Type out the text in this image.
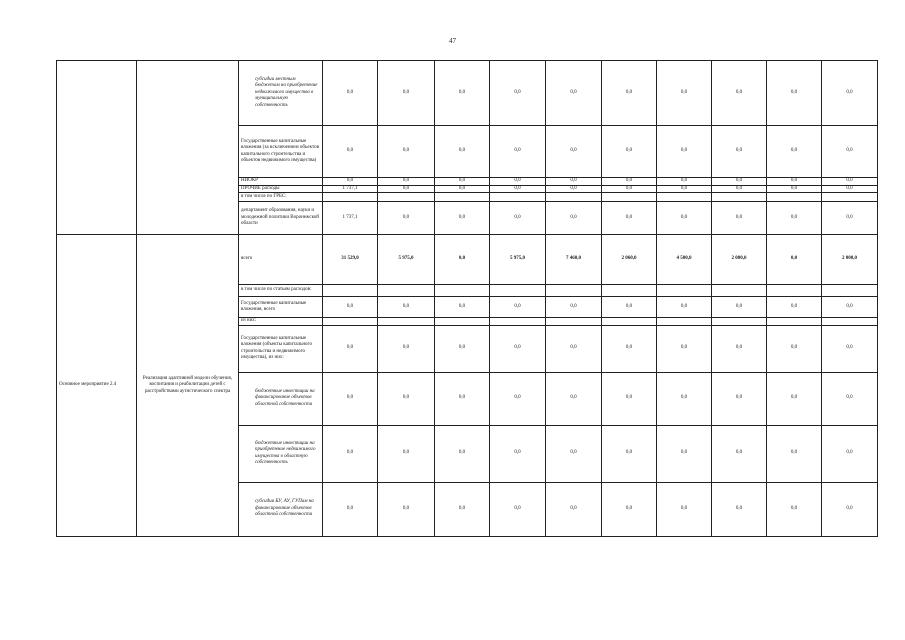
47
		субсидии местным бюджетам на приобретение недвижимого имущества в муниципальную собственность	0,0	0,0	0,0	0,0	0,0	0,0	0,0	0,0	0,0	0,0
		Государственные капитальные вложения (за исключением объектов капитального строительства и объектов недвижимого имущества)	0,0	0,0	0,0	0,0	0,0	0,0	0,0	0,0	0,0	0,0
		НИОКР	0,0	0,0	0,0	0,0	0,0	0,0	0,0	0,0	0,0	0,0
		ПРОЧИЕ расходы	1 737,1	0,0	0,0	0,0	0,0	0,0	0,0	0,0	0,0	0,0
		в том числе по ГРБС:										
		департамент образования, науки и молодежной политики Воронежской области	1 737,1	0,0	0,0	0,0	0,0	0,0	0,0	0,0	0,0	0,0
Основное мероприятие 2.4	Реализация адаптивной модели обучения, воспитания и реабилитации детей с расстройствами аутистического спектра	всего	31 529,0	5 975,0	0,0	5 975,0	7 460,0	2 060,0	4 500,0	2 000,0	0,0	2 000,0
		в том числе по статьям расходов:										
		Государственные капитальные вложения, всего	0,0	0,0	0,0	0,0	0,0	0,0	0,0	0,0	0,0	0,0
		из них:										
		Государственные капитальные вложения (объекты капитального строительства и недвижимого имущества), из них:	0,0	0,0	0,0	0,0	0,0	0,0	0,0	0,0	0,0	0,0
		бюджетные инвестиции на финансирование объектов областной собственности	0,0	0,0	0,0	0,0	0,0	0,0	0,0	0,0	0,0	0,0
		бюджетные инвестиции на приобретение недвижимого имущества в областную собственность	0,0	0,0	0,0	0,0	0,0	0,0	0,0	0,0	0,0	0,0
		субсидии БУ, АУ, ГУПам на финансирование объектов областной собственности	0,0	0,0	0,0	0,0	0,0	0,0	0,0	0,0	0,0	0,0
